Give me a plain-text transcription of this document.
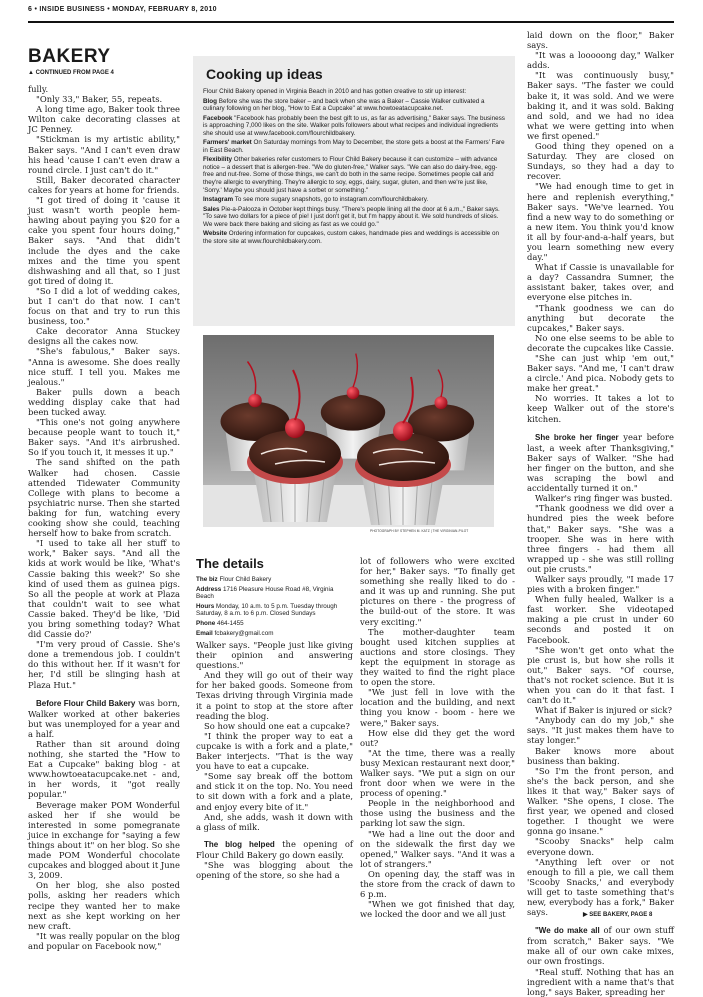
6 • INSIDE BUSINESS • MONDAY, FEBRUARY 8, 2010
BAKERY
▲ CONTINUED FROM PAGE 4

fully.

"Only 33," Baker, 55, repeats.

A long time ago, Baker took three Wilton cake decorating classes at JC Penney.

"Stickman is my artistic ability," Baker says. "And I can't even draw his head 'cause I can't even draw a round circle. I just can't do it."

Still, Baker decorated character cakes for years at home for friends.

"I got tired of doing it 'cause it just wasn't worth people hem-hawing about paying you $20 for a cake you spent four hours doing," Baker says. "And that didn't include the dyes and the cake mixes and the time you spent dishwashing and all that, so I just got tired of doing it.

"So I did a lot of wedding cakes, but I can't do that now. I can't focus on that and try to run this business, too."

Cake decorator Anna Stuckey designs all the cakes now.

"She's fabulous," Baker says. "Anna is awesome. She does really nice stuff. I tell you. Makes me jealous."

Baker pulls down a beach wedding display cake that had been tucked away.

"This one's not going anywhere because people want to touch it," Baker says. "And it's airbrushed. So if you touch it, it messes it up."

The sand shifted on the path Walker had chosen. Cassie attended Tidewater Community College with plans to become a psychiatric nurse. Then she started baking for fun, watching every cooking show she could, teaching herself how to bake from scratch.

"I used to take all her stuff to work," Baker says. "And all the kids at work would be like, 'What's Cassie baking this week?' So she kind of used them as guinea pigs. So all the people at work at Plaza that couldn't wait to see what Cassie baked. They'd be like, 'Did you bring something today? What did Cassie do?'

"I'm very proud of Cassie. She's done a tremendous job. I couldn't do this without her. If it wasn't for her, I'd still be slinging hash at Plaza Hut."

Before Flour Child Bakery was born, Walker worked at other bakeries but was unemployed for a year and a half.

Rather than sit around doing nothing, she started the "How to Eat a Cupcake" baking blog - at www.howtoeatacupcake.net - and, in her words, it "got really popular."

Beverage maker POM Wonderful asked her if she would be interested in some pomegranate juice in exchange for "saying a few things about it" on her blog. So she made POM Wonderful chocolate cupcakes and blogged about it June 3, 2009.

On her blog, she also posted polls, asking her readers which recipe they wanted her to make next as she kept working on her new craft.

"It was really popular on the blog and popular on Facebook now,"

Cooking up ideas

Flour Child Bakery opened in Virginia Beach in 2010 and has gotten creative to stir up interest:

Blog Before she was the store baker – and back when she was a Baker – Cassie Walker cultivated a culinary following on her blog, "How to Eat a Cupcake" at www.howtoeatacupcake.net.

Facebook "Facebook has probably been the best gift to us, as far as advertising," Baker says. The business is approaching 7,000 likes on the site. Walker polls followers about what recipes and individual ingredients she should use at www.facebook.com/flourchildbakery.

Farmers' market On Saturday mornings from May to December, the store gets a boost at the Farmers' Fare in East Beach.

Flexibility Other bakeries refer customers to Flour Child Bakery because it can customize – with advance notice – a dessert that is allergen-free. "We do gluten-free," Walker says. "We can also do dairy-free, egg-free and nut-free. Some of those things, we can't do both in the same recipe. Sometimes people call and they're allergic to everything. They're allergic to soy, eggs, dairy, sugar, gluten, and then we're just like, 'Sorry.' Maybe you should just have a sorbet or something."

Instagram To see more sugary snapshots, go to instagram.com/flourchildbakery.

Sales Pie-a-Palooza in October kept things busy. "There's people lining all the door at 6 a.m.," Baker says. "To save two dollars for a piece of pie! I just don't get it, but I'm happy about it. We sold hundreds of slices. We were back there baking and slicing as fast as we could go."

Website Ordering information for cupcakes, custom cakes, handmade pies and weddings is accessible on the store site at www.flourchildbakery.com.

PHOTOGRAPH BY STEPHEN M. KATZ | THE VIRGINIAN-PILOT
The details

The biz Flour Child Bakery

Address 1716 Pleasure House Road #8, Virginia Beach

Hours Monday, 10 a.m. to 5 p.m. Tuesday through Saturday, 8 a.m. to 6 p.m. Closed Sundays

Phone 464-1455

Email fcbakery@gmail.com

Walker says. "People just like giving their opinion and answering questions."

And they will go out of their way for her baked goods. Someone from Texas driving through Virginia made it a point to stop at the store after reading the blog.

So how should one eat a cupcake?

"I think the proper way to eat a cupcake is with a fork and a plate," Baker interjects. "That is the way you have to eat a cupcake.

"Some say break off the bottom and stick it on the top. No. You need to sit down with a fork and a plate, and enjoy every bite of it."

And, she adds, wash it down with a glass of milk.

The blog helped the opening of Flour Child Bakery go down easily.

"She was blogging about the opening of the store, so she had a

lot of followers who were excited for her," Baker says. "To finally get something she really liked to do - and it was up and running. She put pictures on there - the progress of the build-out of the store. It was very exciting."

The mother-daughter team bought used kitchen supplies at auctions and store closings. They kept the equipment in storage as they waited to find the right place to open the store.

"We just fell in love with the location and the building, and next thing you know - boom - here we were," Baker says.

How else did they get the word out?

"At the time, there was a really busy Mexican restaurant next door," Walker says. "We put a sign on our front door when we were in the process of opening."

People in the neighborhood and those using the business and the parking lot saw the sign.

"We had a line out the door and on the sidewalk the first day we opened," Walker says. "And it was a lot of strangers."

On opening day, the staff was in the store from the crack of dawn to 6 p.m.

"When we got finished that day, we locked the door and we all just

laid down on the floor," Baker says.

"It was a looooong day," Walker adds.

"It was continuously busy," Baker says. "The faster we could bake it, it was sold. And we were baking it, and it was sold. Baking and sold, and we had no idea what we were getting into when we first opened."

Good thing they opened on a Saturday. They are closed on Sundays, so they had a day to recover.

"We had enough time to get in here and replenish everything," Baker says. "We've learned. You find a new way to do something or a new item. You think you'd know it all by four-and-a-half years, but you learn something new every day."

What if Cassie is unavailable for a day? Cassandra Sumner, the assistant baker, takes over, and everyone else pitches in.

"Thank goodness we can do anything but decorate the cupcakes," Baker says.

No one else seems to be able to decorate the cupcakes like Cassie.

"She can just whip 'em out," Baker says. "And me, 'I can't draw a circle.' And pica. Nobody gets to make her great."

No worries. It takes a lot to keep Walker out of the store's kitchen.

She broke her finger year before last, a week after Thanksgiving," Baker says of Walker. "She had her finger on the button, and she was scraping the bowl and accidentally turned it on."

Walker's ring finger was busted.

"Thank goodness we did over a hundred pies the week before that," Baker says. "She was a trooper. She was in here with three fingers - had them all wrapped up - she was still rolling out pie crusts."

Walker says proudly, "I made 17 pies with a broken finger."

When fully healed, Walker is a fast worker. She videotaped making a pie crust in under 60 seconds and posted it on Facebook.

"She won't get onto what the pie crust is, but how she rolls it out," Baker says. "Of course, that's not rocket science. But it is when you can do it that fast. I can't do it."

What if Baker is injured or sick?

"Anybody can do my job," she says. "It just makes them have to stay longer."

Baker knows more about business than baking.

"So I'm the front person, and she's the back person, and she likes it that way," Baker says of Walker. "She opens, I close. The first year, we opened and closed together. I thought we were gonna go insane."

"Scooby Snacks" help calm everyone down.

"Anything left over or not enough to fill a pie, we call them 'Scooby Snacks,' and everybody will get to taste something that's new, everybody has a fork," Baker says.

"We do make all of our own stuff from scratch," Baker says. "We make all of our own cake mixes, our own frostings.

"Real stuff. Nothing that has an ingredient with a name that's that long," says Baker, spreading her

▶ SEE BAKERY, PAGE 8
